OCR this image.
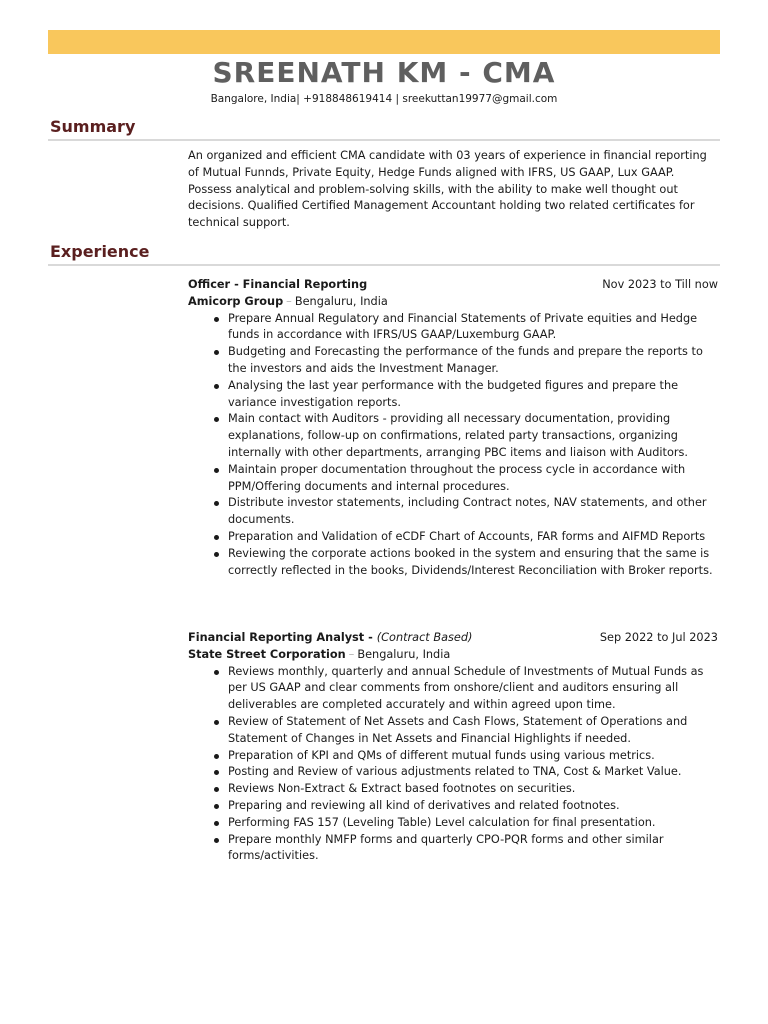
SREENATH KM - CMA
Bangalore, India| +918848619414 | sreekuttan19977@gmail.com
Summary

An organized and efficient CMA candidate with 03 years of experience in financial reporting of Mutual Funnds, Private Equity, Hedge Funds aligned with IFRS, US GAAP, Lux GAAP. Possess analytical and problem-solving skills, with the ability to make well thought out decisions. Qualified Certified Management Accountant holding two related certificates for technical support.

Experience
Officer - Financial Reporting	Nov 2023 to Till now
Amicorp Group – Bengaluru, India
Prepare Annual Regulatory and Financial Statements of Private equities and Hedge funds in accordance with IFRS/US GAAP/Luxemburg GAAP.
Budgeting and Forecasting the performance of the funds and prepare the reports to the investors and aids the Investment Manager.
Analysing the last year performance with the budgeted figures and prepare the variance investigation reports.
Main contact with Auditors - providing all necessary documentation, providing explanations, follow-up on confirmations, related party transactions, organizing internally with other departments, arranging PBC items and liaison with Auditors.
Maintain proper documentation throughout the process cycle in accordance with PPM/Offering documents and internal procedures.
Distribute investor statements, including Contract notes, NAV statements, and other documents.
Preparation and Validation of eCDF Chart of Accounts, FAR forms and AIFMD Reports
Reviewing the corporate actions booked in the system and ensuring that the same is correctly reflected in the books, Dividends/Interest Reconciliation with Broker reports.
Financial Reporting Analyst - (Contract Based)	Sep 2022 to Jul 2023
State Street Corporation – Bengaluru, India
Reviews monthly, quarterly and annual Schedule of Investments of Mutual Funds as per US GAAP and clear comments from onshore/client and auditors ensuring all deliverables are completed accurately and within agreed upon time.
Review of Statement of Net Assets and Cash Flows, Statement of Operations and Statement of Changes in Net Assets and Financial Highlights if needed.
Preparation of KPI and QMs of different mutual funds using various metrics.
Posting and Review of various adjustments related to TNA, Cost & Market Value.
Reviews Non-Extract & Extract based footnotes on securities.
Preparing and reviewing all kind of derivatives and related footnotes.
Performing FAS 157 (Leveling Table) Level calculation for final presentation.
Prepare monthly NMFP forms and quarterly CPO-PQR forms and other similar forms/activities.
